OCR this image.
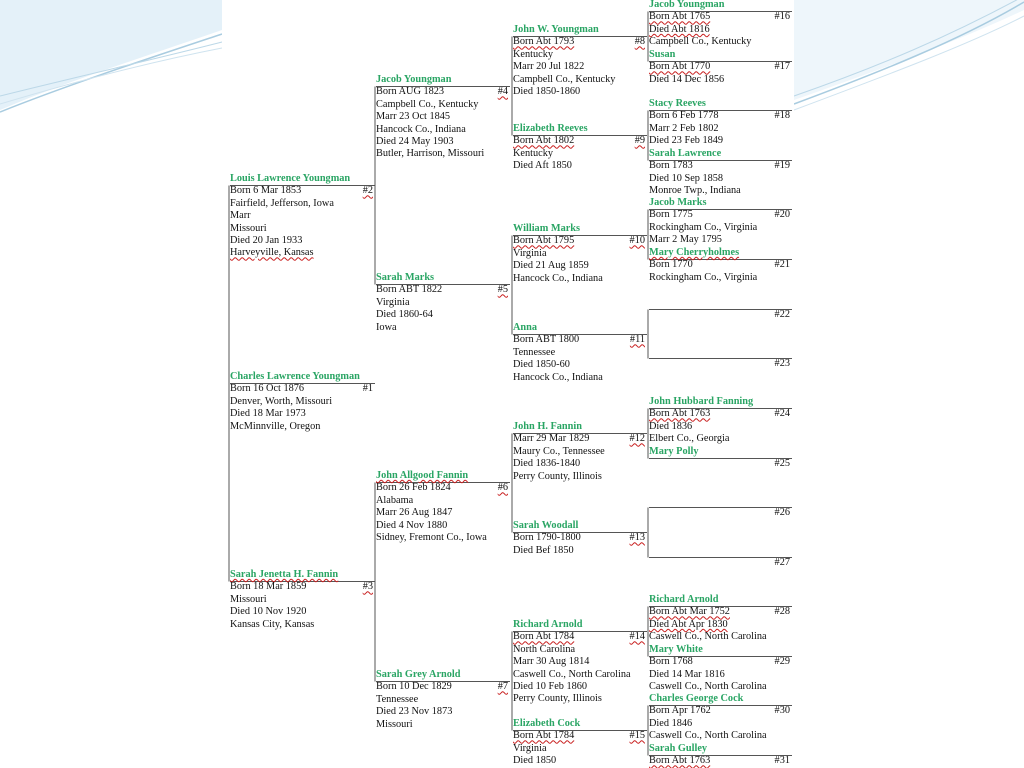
Charles Lawrence Youngman
#1
Born 16 Oct 1876
Denver, Worth, Missouri
Died 18 Mar 1973
McMinnville, Oregon
Louis Lawrence Youngman
#2
Born 6 Mar 1853
Fairfield, Jefferson, Iowa
Marr
Missouri
Died 20 Jan 1933
Harveyville, Kansas
Sarah Jenetta H. Fannin
#3
Born 18 Mar 1859
Missouri
Died 10 Nov 1920
Kansas City, Kansas
Jacob Youngman
#4
Born AUG 1823
Campbell Co., Kentucky
Marr 23 Oct 1845
Hancock Co., Indiana
Died 24 May 1903
Butler, Harrison, Missouri
Sarah Marks
#5
Born ABT 1822
Virginia
Died 1860-64
Iowa
John Allgood Fannin
#6
Born 26 Feb 1824
Alabama
Marr 26 Aug 1847
Died 4 Nov 1880
Sidney, Fremont Co., Iowa
Sarah Grey Arnold
#7
Born 10 Dec 1829
Tennessee
Died 23 Nov 1873
Missouri
John W. Youngman
#8
Born Abt 1793
Kentucky
Marr 20 Jul 1822
Campbell Co., Kentucky
Died 1850-1860
Elizabeth Reeves
#9
Born Abt 1802
Kentucky
Died Aft 1850
William Marks
#10
Born Abt 1795
Virginia
Died 21 Aug 1859
Hancock Co., Indiana
Anna
#11
Born ABT 1800
Tennessee
Died 1850-60
Hancock Co., Indiana
John H. Fannin
#12
Marr 29 Mar 1829
Maury Co., Tennessee
Died 1836-1840
Perry County, Illinois
Sarah Woodall
#13
Born 1790-1800
Died Bef 1850
Richard Arnold
#14
Born Abt 1784
North Carolina
Marr 30 Aug 1814
Caswell Co., North Carolina
Died 10 Feb 1860
Perry County, Illinois
Elizabeth Cock
#15
Born Abt 1784
Virginia
Died 1850
Jacob Youngman
#16
Born Abt 1765
Died Abt 1816
Campbell Co., Kentucky
Susan
#17
Born Abt 1770
Died 14 Dec 1856
Stacy Reeves
#18
Born 6 Feb 1778
Marr 2 Feb 1802
Died 23 Feb 1849
Sarah Lawrence
#19
Born 1783
Died 10 Sep 1858
Monroe Twp., Indiana
Jacob Marks
#20
Born 1775
Rockingham Co., Virginia
Marr 2 May 1795
Mary Cherryholmes
#21
Born 1770
Rockingham Co., Virginia
#22
#23
John Hubbard Fanning
#24
Born Abt 1763
Died 1836
Elbert Co., Georgia
Mary Polly
#25
#26
#27
Richard Arnold
#28
Born Abt Mar 1752
Died Abt Apr 1830
Caswell Co., North Carolina
Mary White
#29
Born 1768
Died 14 Mar 1816
Caswell Co., North Carolina
Charles George Cock
#30
Born Apr 1762
Died 1846
Caswell Co., North Carolina
Sarah Gulley
#31
Born Abt 1763
